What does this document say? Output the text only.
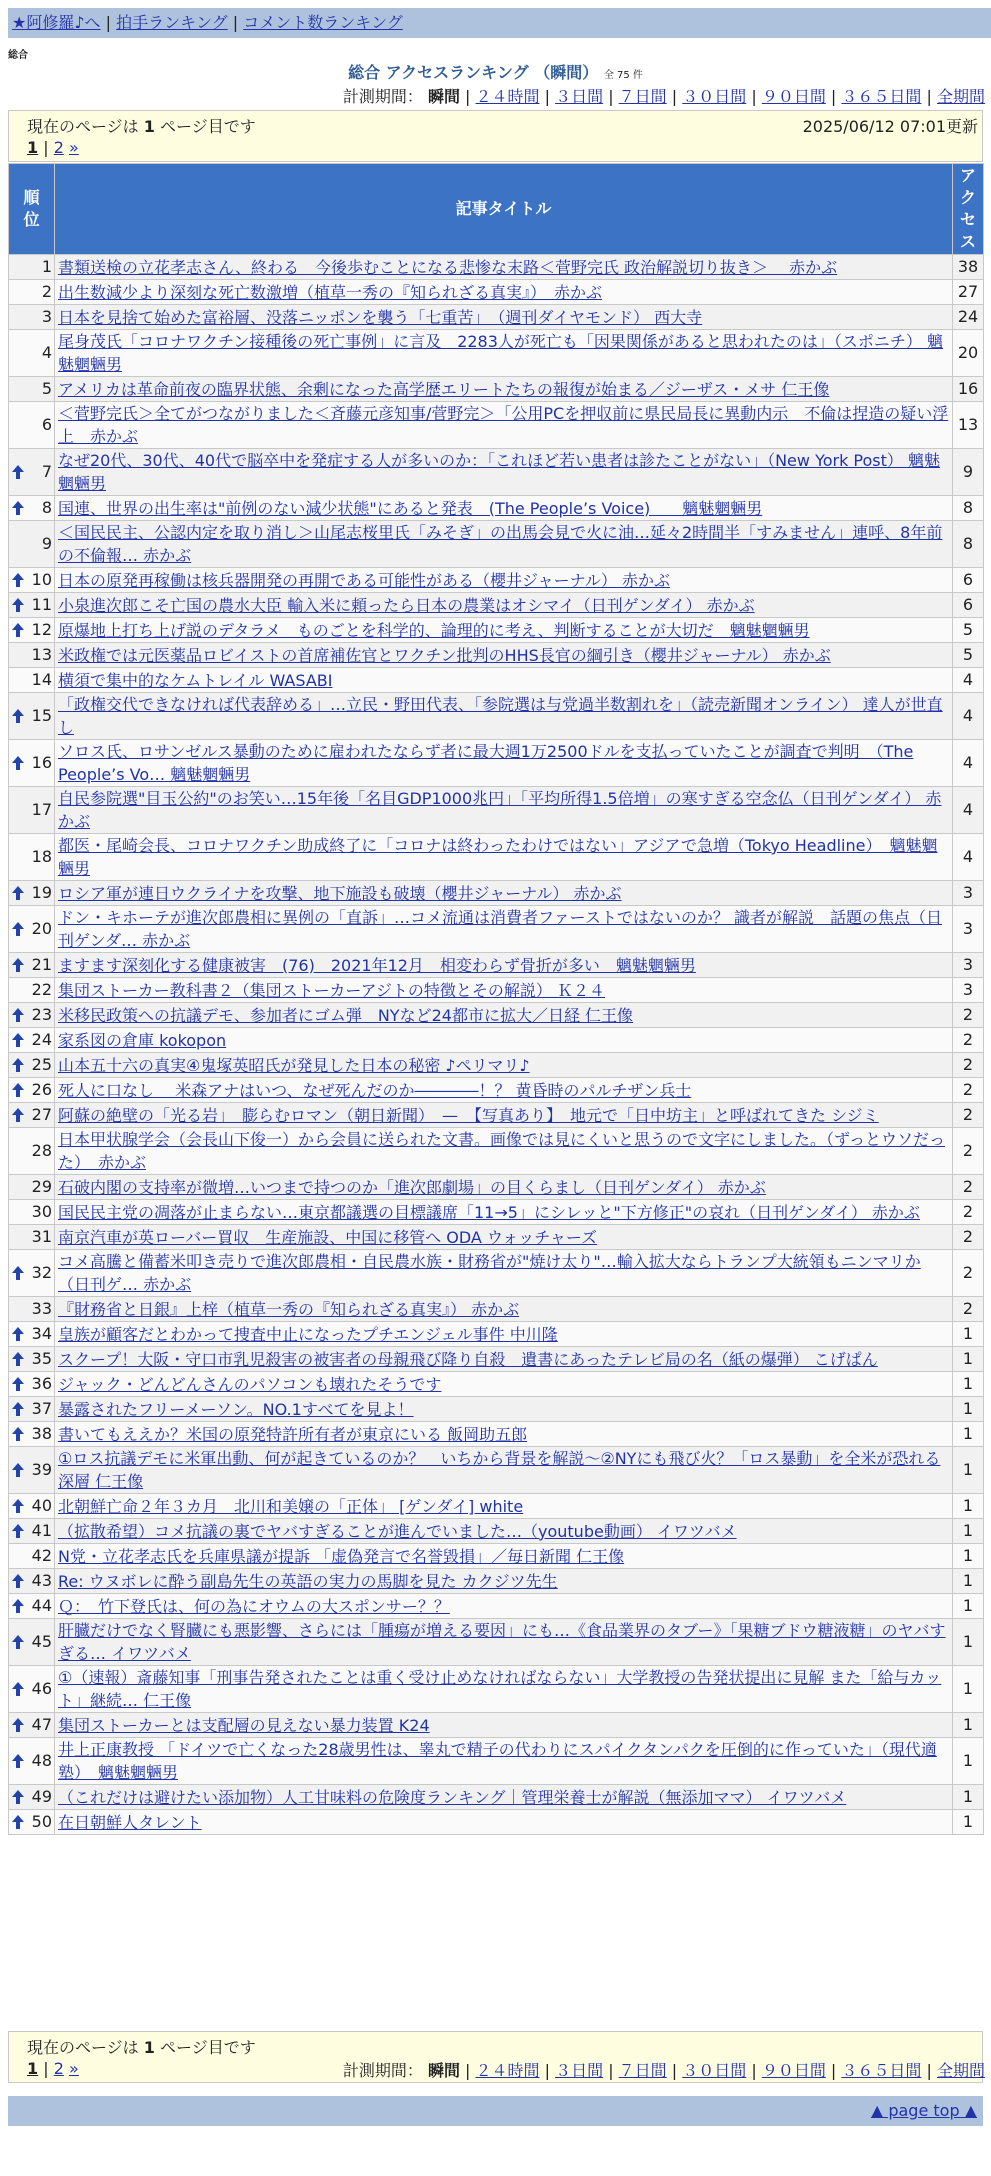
★阿修羅♪へ | 拍手ランキング | コメント数ランキング
総合
総合 アクセスランキング （瞬間） 全 75 件
計測期間： 瞬間 | ２４時間 | ３日間 | ７日間 | ３０日間 | ９０日間 | ３６５日間 | 全期間
現在のページは 1 ページ目です	2025/06/12 07:01更新
1 | 2 »
順位	記事タイトル	アクセス
1	書類送検の立花孝志さん、終わる　今後歩むことになる悲惨な末路＜菅野完氏 政治解説切り抜き＞　 赤かぶ	38
2	出生数減少より深刻な死亡数激増（植草一秀の『知られざる真実』）　赤かぶ	27
3	日本を見捨て始めた富裕層、没落ニッポンを襲う「七重苦」　（週刊ダイヤモンド） 西大寺	24
4	尾身茂氏「コロナワクチン接種後の死亡事例」に言及　2283人が死亡も「因果関係があると思われたのは」（スポニチ） 魑魅魍魎男	20
5	アメリカは革命前夜の臨界状態、余剰になった高学歴エリートたちの報復が始まる／ジーザス・メサ 仁王像	16
6	＜菅野完氏＞全てがつながりました＜斉藤元彦知事/菅野完＞「公用PCを押収前に県民局長に異動内示　不倫は捏造の疑い浮上　赤かぶ	13

7	なぜ20代、30代、40代で脳卒中を発症する人が多いのか：「これほど若い患者は診たことがない」（New York Post） 魑魅魍魎男	9

8	国連、世界の出生率は"前例のない減少状態"にあると発表　(The People’s Voice)　　魑魅魍魎男	8
9	＜国民民主、公認内定を取り消し＞山尾志桜里氏「みそぎ」の出馬会見で火に油…延々2時間半「すみません」連呼、8年前の不倫報… 赤かぶ	8

10	日本の原発再稼働は核兵器開発の再開である可能性がある（櫻井ジャーナル） 赤かぶ	6

11	小泉進次郎こそ亡国の農水大臣 輸入米に頼ったら日本の農業はオシマイ（日刊ゲンダイ） 赤かぶ	6

12	原爆地上打ち上げ説のデタラメ　ものごとを科学的、論理的に考え、判断することが大切だ　魑魅魍魎男	5
13	米政権では元医薬品ロビイストの首席補佐官とワクチン批判のHHS長官の綱引き（櫻井ジャーナル） 赤かぶ	5
14	横須で集中的なケムトレイル WASABI	4

15	「政権交代できなければ代表辞める」…立民・野田代表、「参院選は与党過半数割れを」（読売新聞オンライン） 達人が世直し	4

16	ソロス氏、ロサンゼルス暴動のために雇われたならず者に最大週1万2500ドルを支払っていたことが調査で判明　（The People’s Vo… 魑魅魍魎男	4
17	自民参院選"目玉公約"のお笑い…15年後「名目GDP1000兆円」「平均所得1.5倍増」の寒すぎる空念仏（日刊ゲンダイ） 赤かぶ	4
18	都医・尾崎会長、コロナワクチン助成終了に「コロナは終わったわけではない」アジアで急増（Tokyo Headline）　魑魅魍魎男	4

19	ロシア軍が連日ウクライナを攻撃、地下施設も破壊（櫻井ジャーナル） 赤かぶ	3

20	ドン・キホーテが進次郎農相に異例の「直訴」…コメ流通は消費者ファーストではないのか？ 識者が解説　話題の焦点（日刊ゲンダ… 赤かぶ	3

21	ますます深刻化する健康被害　(76)　2021年12月　相変わらず骨折が多い　魑魅魍魎男	3
22	集団ストーカー教科書２（集団ストーカーアジトの特徴とその解説） Ｋ２４	3

23	米移民政策への抗議デモ、参加者にゴム弾　NYなど24都市に拡大／日経 仁王像	2

24	家系図の倉庫 kokopon	2

25	山本五十六の真実④鬼塚英昭氏が発見した日本の秘密 ♪ペリマリ♪	2

26	死人に口なし　 米森アナはいつ、なぜ死んだのか――――！？ 黄昏時のパルチザン兵士	2

27	阿蘇の絶壁の「光る岩」　膨らむロマン（朝日新聞）　—　【写真あり】　地元で「日中坊主」と呼ばれてきた シジミ	2
28	日本甲状腺学会（会長山下俊一）から会員に送られた文書。画像では見にくいと思うので文字にしました。（ずっとウソだった）　赤かぶ	2
29	石破内閣の支持率が微増…いつまで持つのか「進次郎劇場」の目くらまし（日刊ゲンダイ） 赤かぶ	2
30	国民民主党の凋落が止まらない…東京都議選の目標議席「11→5」にシレッと"下方修正"の哀れ（日刊ゲンダイ） 赤かぶ	2
31	南京汽車が英ローバー買収　生産施設、中国に移管へ ODA ウォッチャーズ	2

32	コメ高騰と備蓄米叩き売りで進次郎農相・自民農水族・財務省が"焼け太り"…輸入拡大ならトランプ大統領もニンマリか（日刊ゲ… 赤かぶ	2
33	『財務省と日銀』上梓（植草一秀の『知られざる真実』） 赤かぶ	2

34	皇族が顧客だとわかって捜査中止になったプチエンジェル事件 中川隆	1

35	スクープ！大阪・守口市乳児殺害の被害者の母親飛び降り自殺　遺書にあったテレビ局の名（紙の爆弾） こげぱん	1

36	ジャック・どんどんさんのパソコンも壊れたそうです	1

37	暴露されたフリーメーソン。NO.1すべてを見よ！	1

38	書いてもええか？米国の原発特許所有者が東京にいる 飯岡助五郎	1

39	①ロス抗議デモに米軍出動、何が起きているのか？　いちから背景を解説～②NYにも飛び火？「ロス暴動」を全米が恐れる深層 仁王像	1

40	北朝鮮亡命２年３カ月　北川和美嬢の「正体」 [ゲンダイ] white	1

41	（拡散希望）コメ抗議の裏でヤバすぎることが進んでいました…（youtube動画） イワツバメ	1
42	N党・立花孝志氏を兵庫県議が提訴 「虚偽発言で名誉毀損」／毎日新聞 仁王像	1

43	Re: ウヌボレに酔う副島先生の英語の実力の馬脚を見た カクジツ先生	1

44	Ｑ：　竹下登氏は、何の為にオウムの大スポンサー？？	1

45	肝臓だけでなく腎臓にも悪影響、さらには「腫瘍が増える要因」にも…《食品業界のタブー》「果糖ブドウ糖液糖」のヤバすぎる… イワツバメ	1

46	①（速報）斎藤知事「刑事告発されたことは重く受け止めなければならない」大学教授の告発状提出に見解 また「給与カット」継続… 仁王像	1

47	集団ストーカーとは支配層の見えない暴力装置 K24	1

48	井上正康教授 「ドイツで亡くなった28歳男性は、睾丸で精子の代わりにスパイクタンパクを圧倒的に作っていた」（現代適塾）　魑魅魍魎男	1

49	（これだけは避けたい添加物）人工甘味料の危険度ランキング｜管理栄養士が解説（無添加ママ） イワツバメ	1

50	在日朝鮮人タレント	1
現在のページは 1 ページ目です
1 | 2 »	計測期間： 瞬間 | ２４時間 | ３日間 | ７日間 | ３０日間 | ９０日間 | ３６５日間 | 全期間
▲ page top ▲
